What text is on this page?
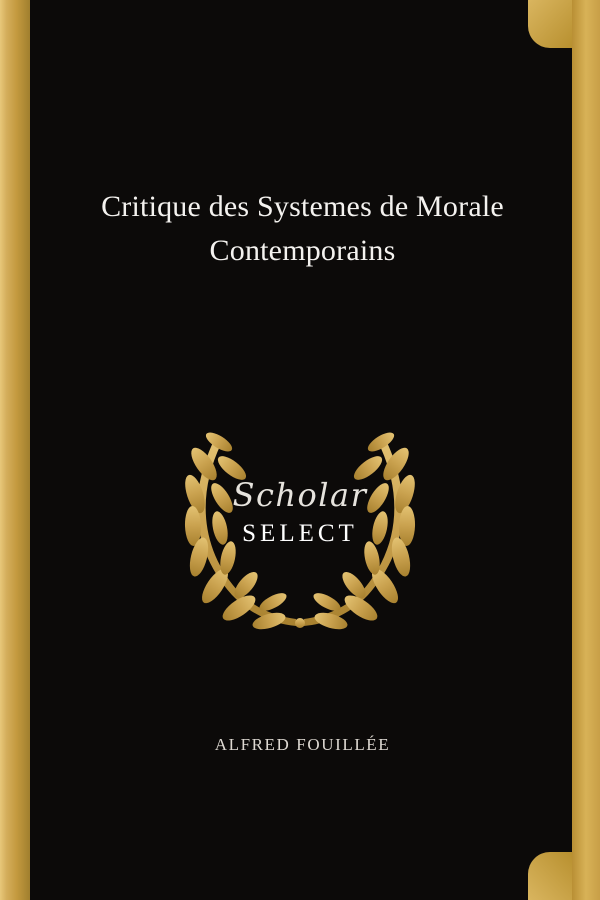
Critique des Systemes de Morale Contemporains
Scholar
SELECT
ALFRED FOUILLÉE
